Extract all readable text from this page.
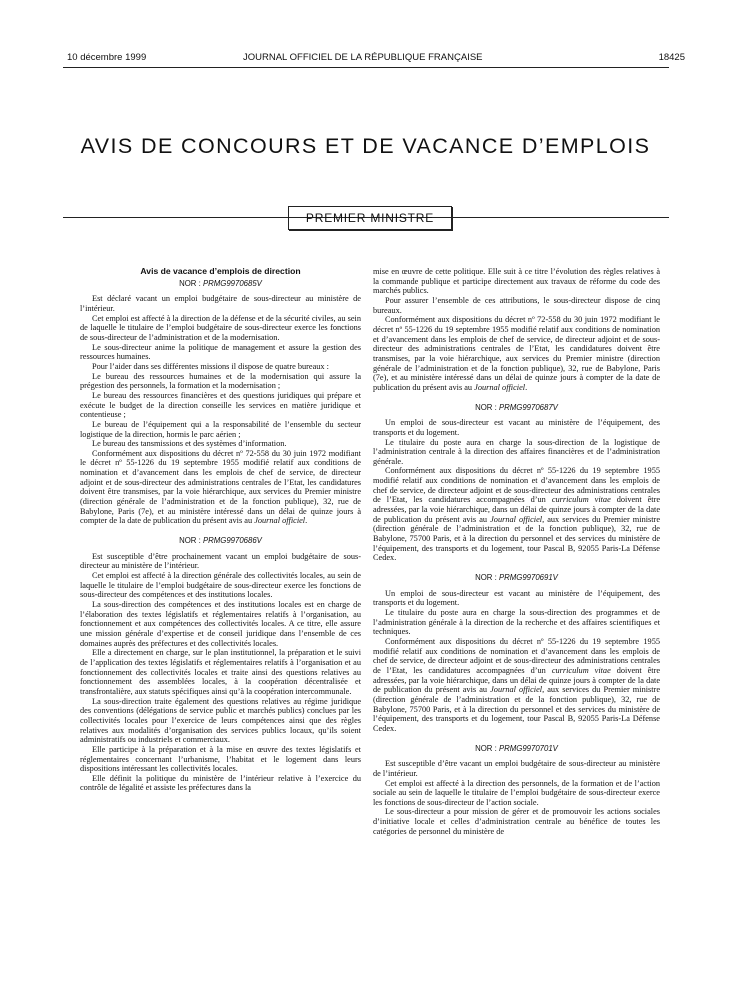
10 décembre 1999	JOURNAL OFFICIEL DE LA RÉPUBLIQUE FRANÇAISE	18425
AVIS DE CONCOURS ET DE VACANCE D’EMPLOIS
PREMIER MINISTRE
Avis de vacance d’emplois de direction
NOR : PRMG9970685V
Est déclaré vacant un emploi budgétaire de sous-directeur au ministère de l’intérieur.
Cet emploi est affecté à la direction de la défense et de la sécurité civiles, au sein de laquelle le titulaire de l’emploi budgétaire de sous-directeur exerce les fonctions de sous-directeur de l’administration et de la modernisation.
Le sous-directeur anime la politique de management et assure la gestion des ressources humaines.
Pour l’aider dans ses différentes missions il dispose de quatre bureaux :
Le bureau des ressources humaines et de la modernisation qui assure la prégestion des personnels, la formation et la modernisation ;
Le bureau des ressources financières et des questions juridiques qui prépare et exécute le budget de la direction conseille les services en matière juridique et contentieuse ;
Le bureau de l’équipement qui a la responsabilité de l’ensemble du secteur logistique de la direction, hormis le parc aérien ;
Le bureau des tansmissions et des systèmes d’information.
Conformément aux dispositions du décret nº 72-558 du 30 juin 1972 modifiant le décret nº 55-1226 du 19 septembre 1955 modifié relatif aux conditions de nomination et d’avancement dans les emplois de chef de service, de directeur adjoint et de sous-directeur des administrations centrales de l’Etat, les candidatures doivent être transmises, par la voie hiérarchique, aux services du Premier ministre (direction générale de l’administration et de la fonction publique), 32, rue de Babylone, Paris (7e), et au ministère intéressé dans un délai de quinze jours à compter de la date de publication du présent avis au Journal officiel.
NOR : PRMG9970686V
Est susceptible d’être prochainement vacant un emploi budgétaire de sous-directeur au ministère de l’intérieur.
Cet emploi est affecté à la direction générale des collectivités locales, au sein de laquelle le titulaire de l’emploi budgétaire de sous-directeur exerce les fonctions de sous-directeur des compétences et des institutions locales.
La sous-direction des compétences et des institutions locales est en charge de l’élaboration des textes législatifs et réglementaires relatifs à l’organisation, au fonctionnement et aux compétences des collectivités locales. A ce titre, elle assure une mission générale d’expertise et de conseil juridique dans l’ensemble de ces domaines auprès des préfectures et des collectivités locales.
Elle a directement en charge, sur le plan institutionnel, la préparation et le suivi de l’application des textes législatifs et réglementaires relatifs à l’organisation et au fonctionnement des collectivités locales et traite ainsi des questions relatives au fonctionnement des assemblées locales, à la coopération décentralisée et transfrontalière, aux statuts spécifiques ainsi qu’à la coopération intercommunale.
La sous-direction traite également des questions relatives au régime juridique des conventions (délégations de service public et marchés publics) conclues par les collectivités locales pour l’exercice de leurs compétences ainsi que des règles relatives aux modalités d’organisation des services publics locaux, qu’ils soient administratifs ou industriels et commerciaux.
Elle participe à la préparation et à la mise en œuvre des textes législatifs et réglementaires concernant l’urbanisme, l’habitat et le logement dans leurs dispositions intéressant les collectivités locales.
Elle définit la politique du ministère de l’intérieur relative à l’exercice du contrôle de légalité et assiste les préfectures dans la
mise en œuvre de cette politique. Elle suit à ce titre l’évolution des règles relatives à la commande publique et participe directement aux travaux de réforme du code des marchés publics.
Pour assurer l’ensemble de ces attributions, le sous-directeur dispose de cinq bureaux.
Conformément aux dispositions du décret nº 72-558 du 30 juin 1972 modifiant le décret nº 55-1226 du 19 septembre 1955 modifié relatif aux conditions de nomination et d’avancement dans les emplois de chef de service, de directeur adjoint et de sous-directeur des administrations centrales de l’Etat, les candidatures doivent être transmises, par la voie hiérarchique, aux services du Premier ministre (direction générale de l’administration et de la fonction publique), 32, rue de Babylone, Paris (7e), et au ministère intéressé dans un délai de quinze jours à compter de la date de publication du présent avis au Journal officiel.
NOR : PRMG9970687V
Un emploi de sous-directeur est vacant au ministère de l’équipement, des transports et du logement.
Le titulaire du poste aura en charge la sous-direction de la logistique de l’administration centrale à la direction des affaires financières et de l’administration générale.
Conformément aux dispositions du décret nº 55-1226 du 19 septembre 1955 modifié relatif aux conditions de nomination et d’avancement dans les emplois de chef de service, de directeur adjoint et de sous-directeur des administrations centrales de l’Etat, les candidatures accompagnées d’un curriculum vitae doivent être adressées, par la voie hiérarchique, dans un délai de quinze jours à compter de la date de publication du présent avis au Journal officiel, aux services du Premier ministre (direction générale de l’administration et de la fonction publique), 32, rue de Babylone, 75700 Paris, et à la direction du personnel et des services du ministère de l’équipement, des transports et du logement, tour Pascal B, 92055 Paris-La Défense Cedex.
NOR : PRMG9970691V
Un emploi de sous-directeur est vacant au ministère de l’équipement, des transports et du logement.
Le titulaire du poste aura en charge la sous-direction des programmes et de l’administration générale à la direction de la recherche et des affaires scientifiques et techniques.
Conformément aux dispositions du décret nº 55-1226 du 19 septembre 1955 modifié relatif aux conditions de nomination et d’avancement dans les emplois de chef de service, de directeur adjoint et de sous-directeur des administrations centrales de l’Etat, les candidatures accompagnées d’un curriculum vitae doivent être adressées, par la voie hiérarchique, dans un délai de quinze jours à compter de la date de publication du présent avis au Journal officiel, aux services du Premier ministre (direction générale de l’administration et de la fonction publique), 32, rue de Babylone, 75700 Paris, et à la direction du personnel et des services du ministère de l’équipement, des transports et du logement, tour Pascal B, 92055 Paris-La Défense Cedex.
NOR : PRMG9970701V
Est susceptible d’être vacant un emploi budgétaire de sous-directeur au ministère de l’intérieur.
Cet emploi est affecté à la direction des personnels, de la formation et de l’action sociale au sein de laquelle le titulaire de l’emploi budgétaire de sous-directeur exerce les fonctions de sous-directeur de l’action sociale.
Le sous-directeur a pour mission de gérer et de promouvoir les actions sociales d’initiative locale et celles d’administration centrale au bénéfice de toutes les catégories de personnel du ministère de
